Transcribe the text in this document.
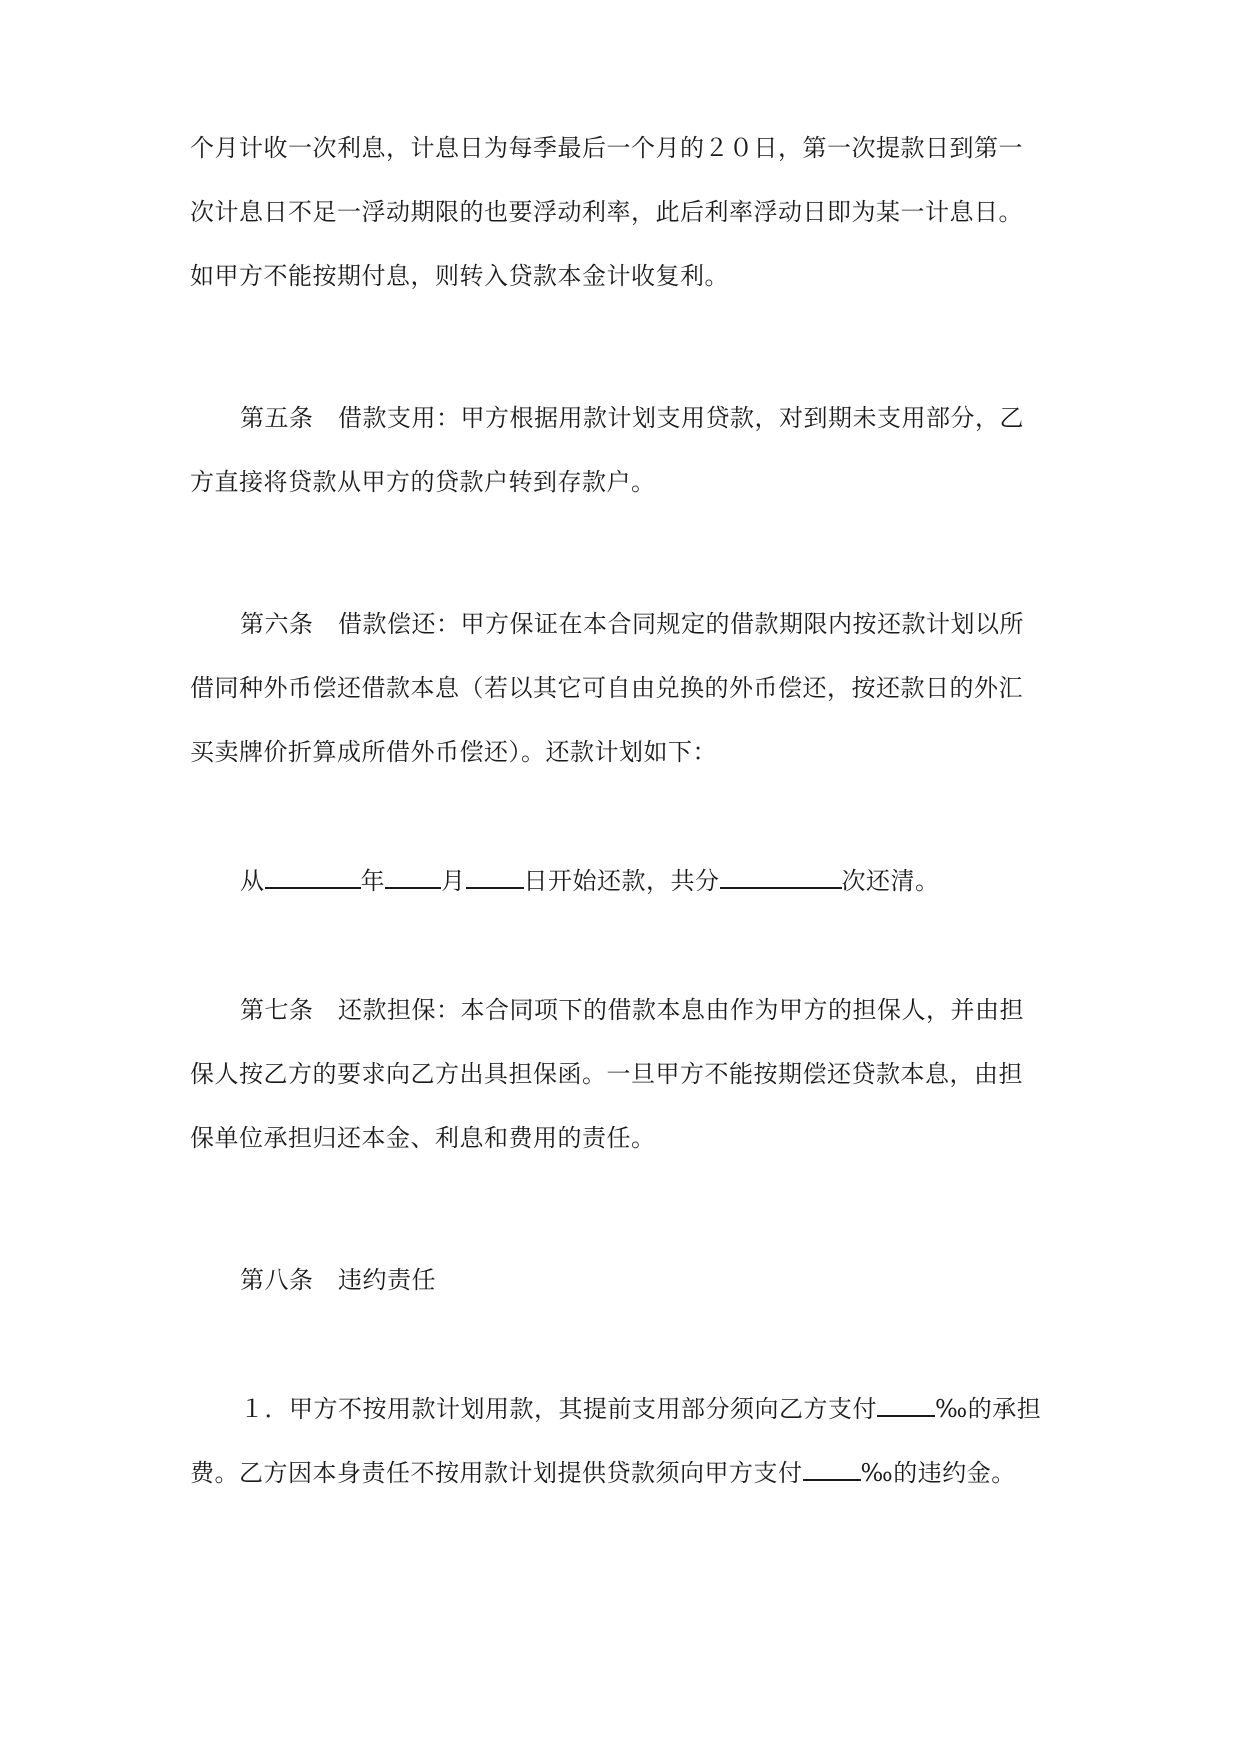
个月计收一次利息，计息日为每季最后一个月的２０日，第一次提款日到第一
次计息日不足一浮动期限的也要浮动利率，此后利率浮动日即为某一计息日。
如甲方不能按期付息，则转入贷款本金计收复利。
第五条　借款支用：甲方根据用款计划支用贷款，对到期未支用部分，乙
方直接将贷款从甲方的贷款户转到存款户。
第六条　借款偿还：甲方保证在本合同规定的借款期限内按还款计划以所
借同种外币偿还借款本息（若以其它可自由兑换的外币偿还，按还款日的外汇
买卖牌价折算成所借外币偿还）。还款计划如下：
从	年 月 日开始还款，共分	次还清。
第七条　还款担保：本合同项下的借款本息由作为甲方的担保人，并由担
保人按乙方的要求向乙方出具担保函。一旦甲方不能按期偿还贷款本息，由担
保单位承担归还本金、利息和费用的责任。
第八条　违约责任
１．甲方不按用款计划用款，其提前支用部分须向乙方支付 ‰的承担
费。乙方因本身责任不按用款计划提供贷款须向甲方支付 ‰的违约金。
